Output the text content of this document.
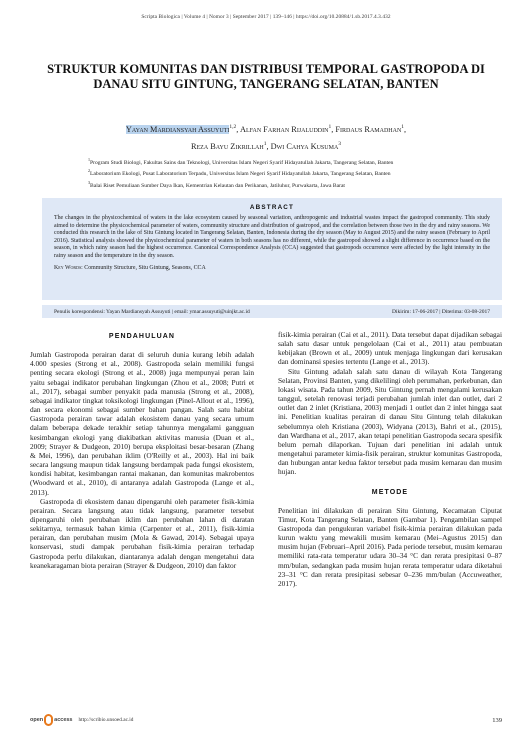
Scripta Biologica | Volume 4 | Nomor 3 | September 2017 | 139–146 | https://doi.org/10.20884/1.sb.2017.4.3.432
STRUKTUR KOMUNITAS DAN DISTRIBUSI TEMPORAL GASTROPODA DI DANAU SITU GINTUNG, TANGERANG SELATAN, BANTEN
Yayan Mardiansyah Assuyuti$^{1,2}$, Alfan Farhan Rijaluddin$^1$, Firdaus Ramadhan$^1$,
Reza Bayu Zikrillah$^1$, Dwi Cahya Kusuma$^3$
$^1$Program Studi Biologi, Fakultas Sains dan Teknologi, Universitas Islam Negeri Syarif Hidayatullah Jakarta, Tangerang Selatan, Banten
$^2$Laboratorium Ekologi, Pusat Laboratorium Terpadu, Universitas Islam Negeri Syarif Hidayatullah Jakarta, Tangerang Selatan, Banten
$^3$Balai Riset Pemuliaan Sumber Daya Ikan, Kementrian Kelautan dan Perikanan, Jatiluhur, Purwakarta, Jawa Barat
ABSTRACT

The changes in the physicochemical of waters in the lake ecosystem caused by seasonal variation, anthropogenic and industrial wastes impact the gastropod community. This study aimed to determine the physicochemical parameter of waters, community structure and distribution of gastropod, and the correlation between those two in the dry and rainy seasons. We conducted this research in the lake of Situ Gintung located in Tangerang Selatan, Banten, Indonesia during the dry season (May to August 2015) and the rainy season (February to April 2016). Statistical analysis showed the physicochemical parameter of waters in both seasons has no different, while the gastropod showed a slight difference in occurrence based on the season, in which rainy season had the highest occurrence. Canonical Correspondence Analysis (CCA) suggested that gastropods occurrence were affected by the light intensity in the rainy season and the temperature in the dry season.

Key Words: Community Structure, Situ Gintung, Seasons, CCA

Penulis korespondensi: Yayan Mardiansyah Assuyuti | email: ymar.assuyuti@uinjkt.ac.id	Dikirim: 17-06-2017 | Diterima: 03-08-2017
PENDAHULUAN

Jumlah Gastropoda perairan darat di seluruh dunia kurang lebih adalah 4.000 spesies (Strong et al., 2008). Gastropoda selain memiliki fungsi penting secara ekologi (Strong et al., 2008) juga mempunyai peran lain yaitu sebagai indikator perubahan lingkungan (Zhou et al., 2008; Putri et al., 2017), sebagai sumber penyakit pada manusia (Strong et al., 2008), sebagai indikator tingkat toksikologi lingkungan (Pinel-Allout et al., 1996), dan secara ekonomi sebagai sumber bahan pangan. Salah satu habitat Gastropoda perairan tawar adalah ekosistem danau yang secara umum dalam beberapa dekade terakhir setiap tahunnya mengalami gangguan kesimbangan ekologi yang diakibatkan aktivitas manusia (Duan et al., 2009; Strayer & Dudgeon, 2010) berupa eksploitasi besar-besaran (Zhang & Mei, 1996), dan perubahan iklim (O'Reilly et al., 2003). Hal ini baik secara langsung maupun tidak langsung berdampak pada fungsi ekosistem, kondisi habitat, kesimbangan rantai makanan, dan komunitas makrobentos (Woodward et al., 2010), di antaranya adalah Gastropoda (Lange et al., 2013).

Gastropoda di ekosistem danau dipengaruhi oleh parameter fisik-kimia perairan. Secara langsung atau tidak langsung, parameter tersebut dipengaruhi oleh perubahan iklim dan perubahan lahan di daratan sekitarnya, termasuk bahan kimia (Carpenter et al., 2011), fisik-kimia perairan, dan perubahan musim (Mola & Gawad, 2014). Sebagai upaya konservasi, studi dampak perubahan fisik-kimia perairan terhadap Gastropoda perlu dilakukan, diantaranya adalah dengan mengetahui data keanekaragaman biota perairan (Strayer & Dudgeon, 2010) dan faktor

fisik-kimia perairan (Cai et al., 2011). Data tersebut dapat dijadikan sebagai salah satu dasar untuk pengelolaan (Cai et al., 2011) atau pembuatan kebijakan (Brown et al., 2009) untuk menjaga lingkungan dari kerusakan dan dominansi spesies tertentu (Lange et al., 2013).

Situ Gintung adalah salah satu danau di wilayah Kota Tangerang Selatan, Provinsi Banten, yang dikelilingi oleh perumahan, perkebunan, dan lokasi wisata. Pada tahun 2009, Situ Gintung pernah mengalami kerusakan tanggul, setelah renovasi terjadi perubahan jumlah inlet dan outlet, dari 2 outlet dan 2 inlet (Kristiana, 2003) menjadi 1 outlet dan 2 inlet hingga saat ini. Penelitian kualitas perairan di danau Situ Gintung telah dilakukan sebelumnya oleh Kristiana (2003), Widyana (2013), Bahri et al., (2015), dan Wardhana et al., 2017, akan tetapi penelitian Gastropoda secara spesifik belum pernah dilaporkan. Tujuan dari penelitian ini adalah untuk mengetahui parameter kimia-fisik perairan, struktur komunitas Gastropoda, dan hubungan antar kedua faktor tersebut pada musim kemarau dan musim hujan.

METODE

Penelitian ini dilakukan di perairan Situ Gintung, Kecamatan Ciputat Timur, Kota Tangerang Selatan, Banten (Gambar 1). Pengambilan sampel Gastropoda dan pengukuran variabel fisik-kimia perairan dilakukan pada kurun waktu yang mewakili musim kemarau (Mei–Agustus 2015) dan musim hujan (Februari–April 2016). Pada periode tersebut, musim kemarau memiliki rata-rata temperatur udara 30–34 °C dan rerata presipitasi 0–87 mm/bulan, sedangkan pada musim hujan rerata temperatur udara diketahui 23–31 °C dan rerata presipitasi sebesar 0–236 mm/bulan (Accuweather, 2017).

open access http://scribio.unsoed.ac.id	139
